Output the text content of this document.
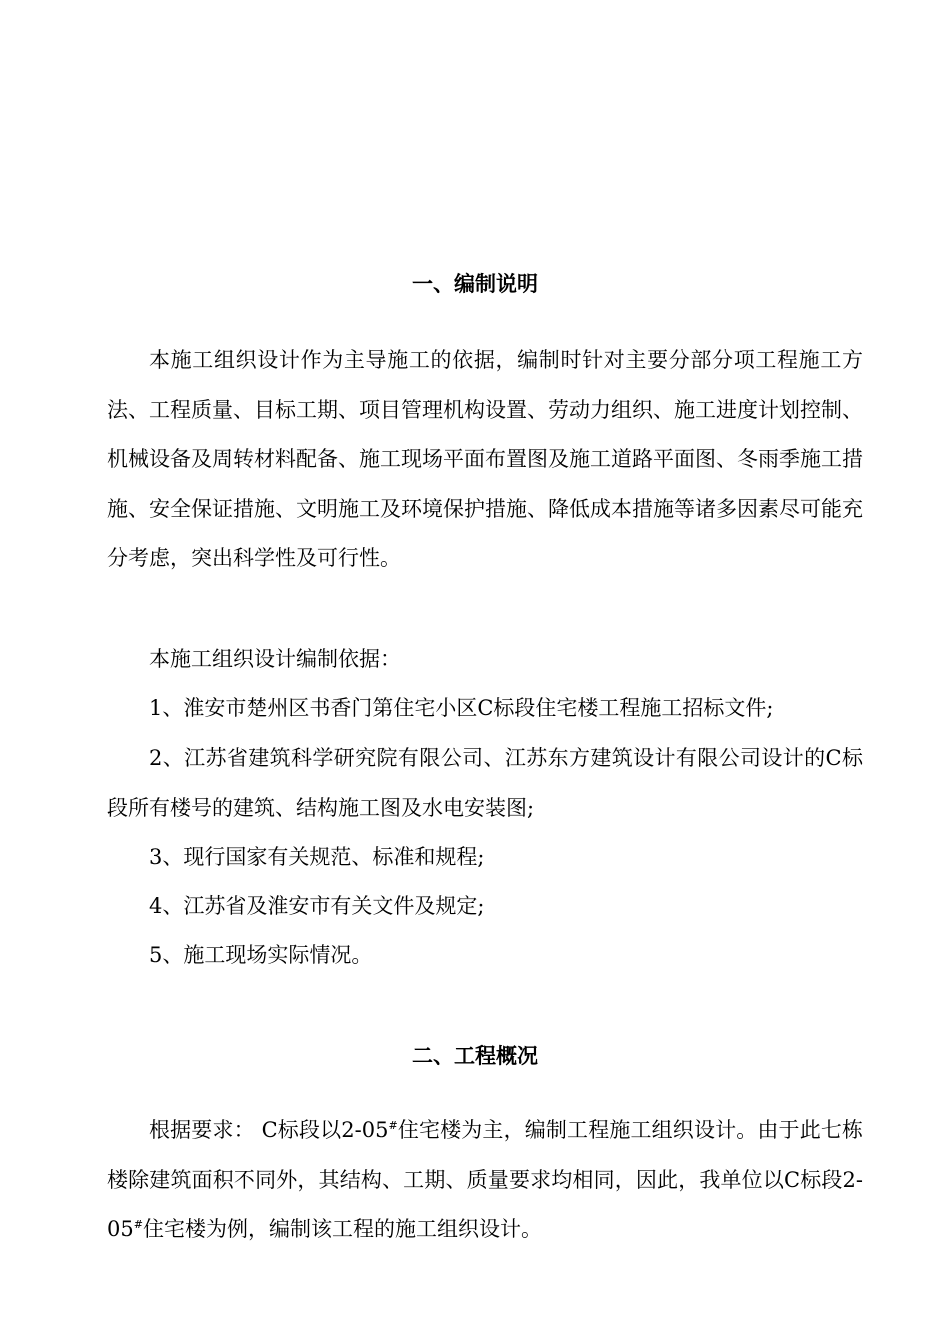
一、编制说明

本施工组织设计作为主导施工的依据，编制时针对主要分部分项工程施工方法、工程质量、目标工期、项目管理机构设置、劳动力组织、施工进度计划控制、机械设备及周转材料配备、施工现场平面布置图及施工道路平面图、冬雨季施工措施、安全保证措施、文明施工及环境保护措施、降低成本措施等诸多因素尽可能充分考虑，突出科学性及可行性。

本施工组织设计编制依据：

1、淮安市楚州区书香门第住宅小区C标段住宅楼工程施工招标文件;

2、江苏省建筑科学研究院有限公司、江苏东方建筑设计有限公司设计的C标段所有楼号的建筑、结构施工图及水电安装图;

3、现行国家有关规范、标准和规程;

4、江苏省及淮安市有关文件及规定;

5、施工现场实际情况。

二、工程概况

根据要求： C标段以2-05#住宅楼为主，编制工程施工组织设计。由于此七栋楼除建筑面积不同外，其结构、工期、质量要求均相同，因此，我单位以C标段2-05#住宅楼为例，编制该工程的施工组织设计。
